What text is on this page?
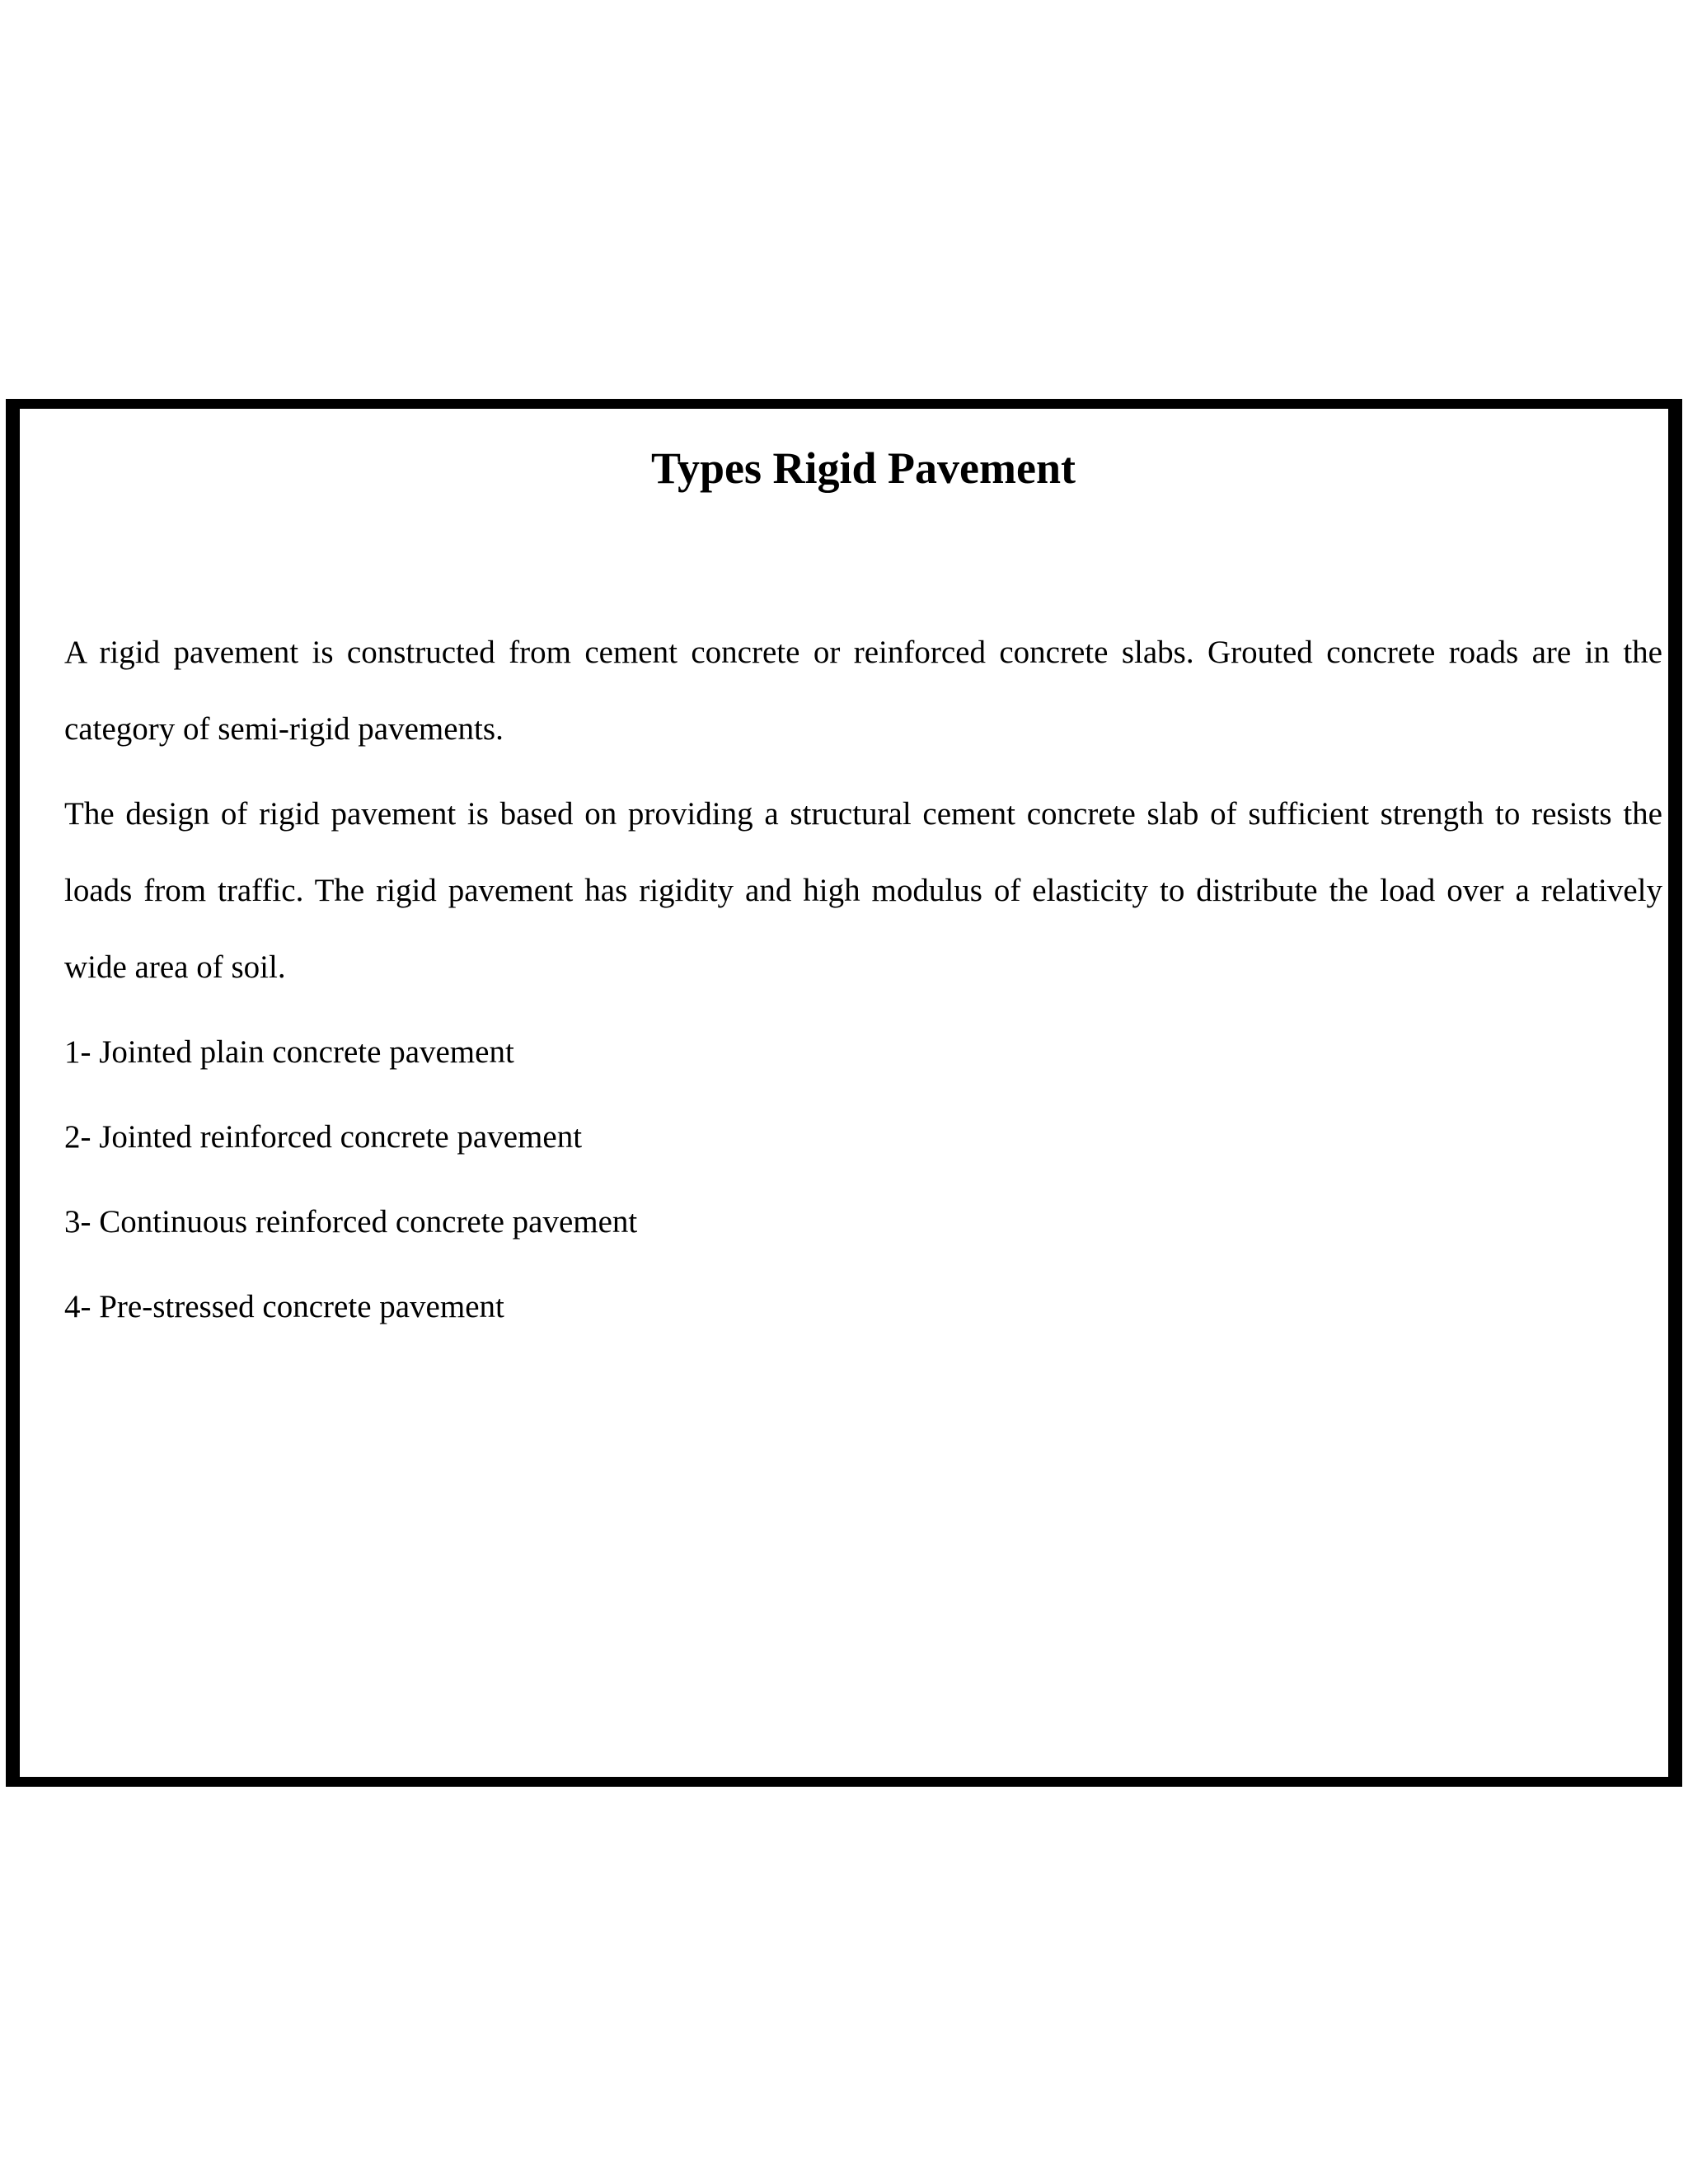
Types Rigid Pavement

A rigid pavement is constructed from cement concrete or reinforced concrete slabs. Grouted concrete roads are in the category of semi-rigid pavements.

The design of rigid pavement is based on providing a structural cement concrete slab of sufficient strength to resists the loads from traffic. The rigid pavement has rigidity and high modulus of elasticity to distribute the load over a relatively wide area of soil.

1- Jointed plain concrete pavement
2- Jointed reinforced concrete pavement
3- Continuous reinforced concrete pavement
4- Pre-stressed concrete pavement
